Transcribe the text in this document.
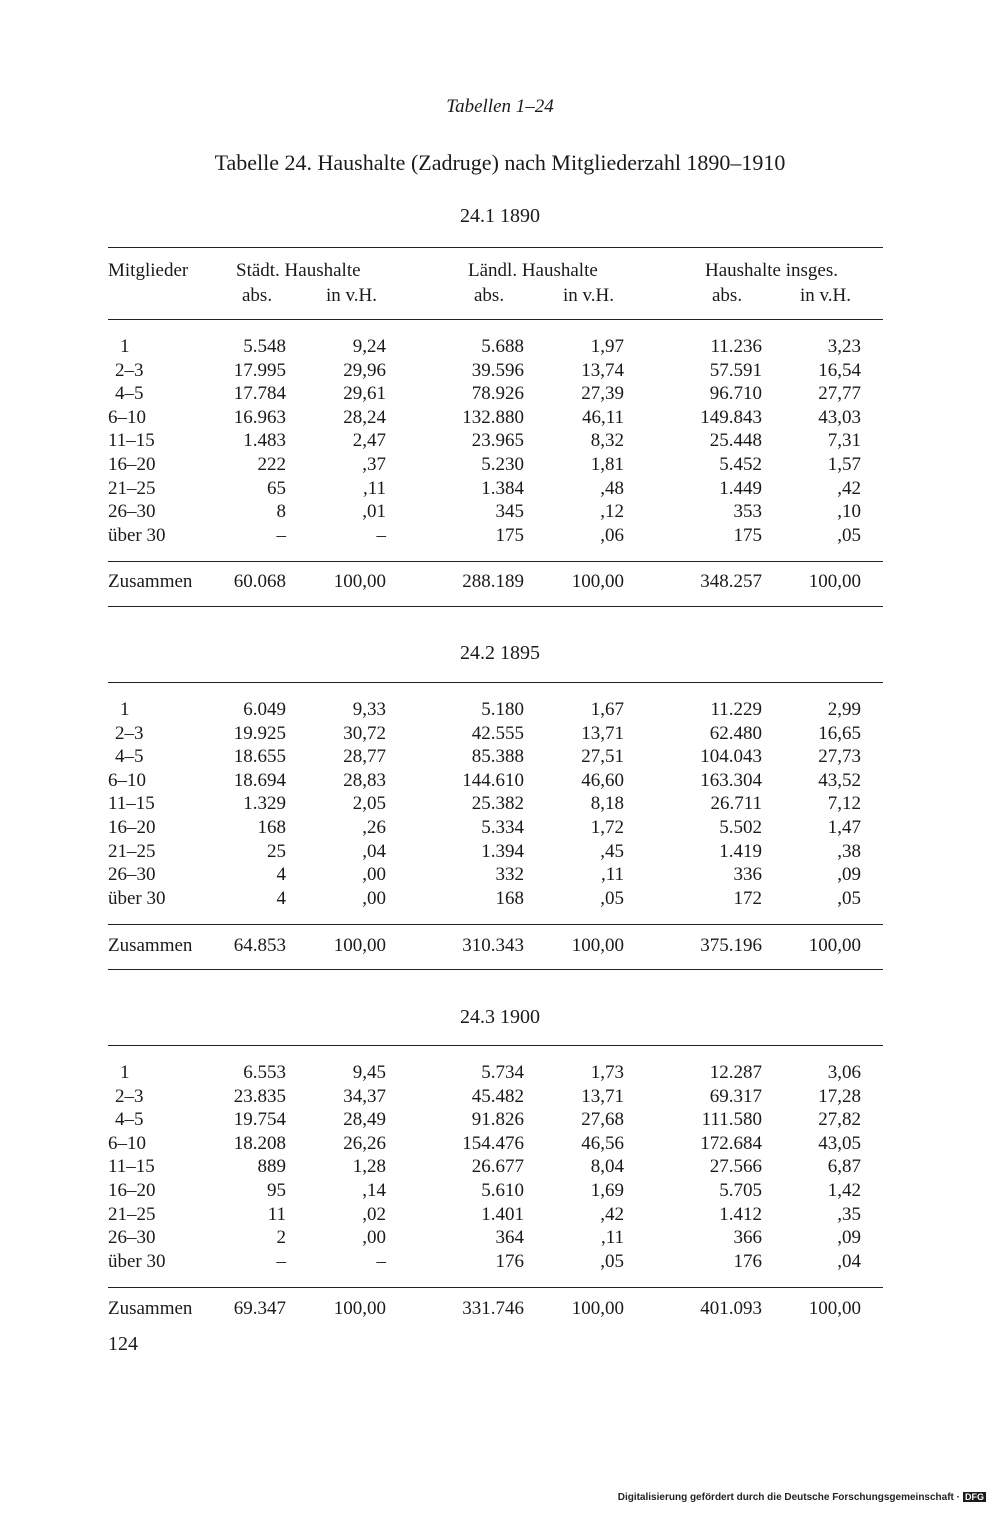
Tabellen 1–24
Tabelle 24. Haushalte (Zadruge) nach Mitgliederzahl 1890–1910
24.1 1890
Mitglieder	Städt. Haushalte	Ländl. Haushalte	Haushalte insges.
abs.	in v.H.	abs.	in v.H.	abs.	in v.H.
1	5.548	9,24	5.688	1,97	11.236	3,23
2–3	17.995	29,96	39.596	13,74	57.591	16,54
4–5	17.784	29,61	78.926	27,39	96.710	27,77
6–10	16.963	28,24	132.880	46,11	149.843	43,03
11–15	1.483	2,47	23.965	8,32	25.448	7,31
16–20	222	,37	5.230	1,81	5.452	1,57
21–25	65	,11	1.384	,48	1.449	,42
26–30	8	,01	345	,12	353	,10
über 30	–	–	175	,06	175	,05
Zusammen	60.068	100,00	288.189	100,00	348.257	100,00
24.2 1895
1	6.049	9,33	5.180	1,67	11.229	2,99
2–3	19.925	30,72	42.555	13,71	62.480	16,65
4–5	18.655	28,77	85.388	27,51	104.043	27,73
6–10	18.694	28,83	144.610	46,60	163.304	43,52
11–15	1.329	2,05	25.382	8,18	26.711	7,12
16–20	168	,26	5.334	1,72	5.502	1,47
21–25	25	,04	1.394	,45	1.419	,38
26–30	4	,00	332	,11	336	,09
über 30	4	,00	168	,05	172	,05
Zusammen	64.853	100,00	310.343	100,00	375.196	100,00
24.3 1900
1	6.553	9,45	5.734	1,73	12.287	3,06
2–3	23.835	34,37	45.482	13,71	69.317	17,28
4–5	19.754	28,49	91.826	27,68	111.580	27,82
6–10	18.208	26,26	154.476	46,56	172.684	43,05
11–15	889	1,28	26.677	8,04	27.566	6,87
16–20	95	,14	5.610	1,69	5.705	1,42
21–25	11	,02	1.401	,42	1.412	,35
26–30	2	,00	364	,11	366	,09
über 30	–	–	176	,05	176	,04
Zusammen	69.347	100,00	331.746	100,00	401.093	100,00
124
Digitalisierung gefördert durch die Deutsche Forschungsgemeinschaft · DFG
